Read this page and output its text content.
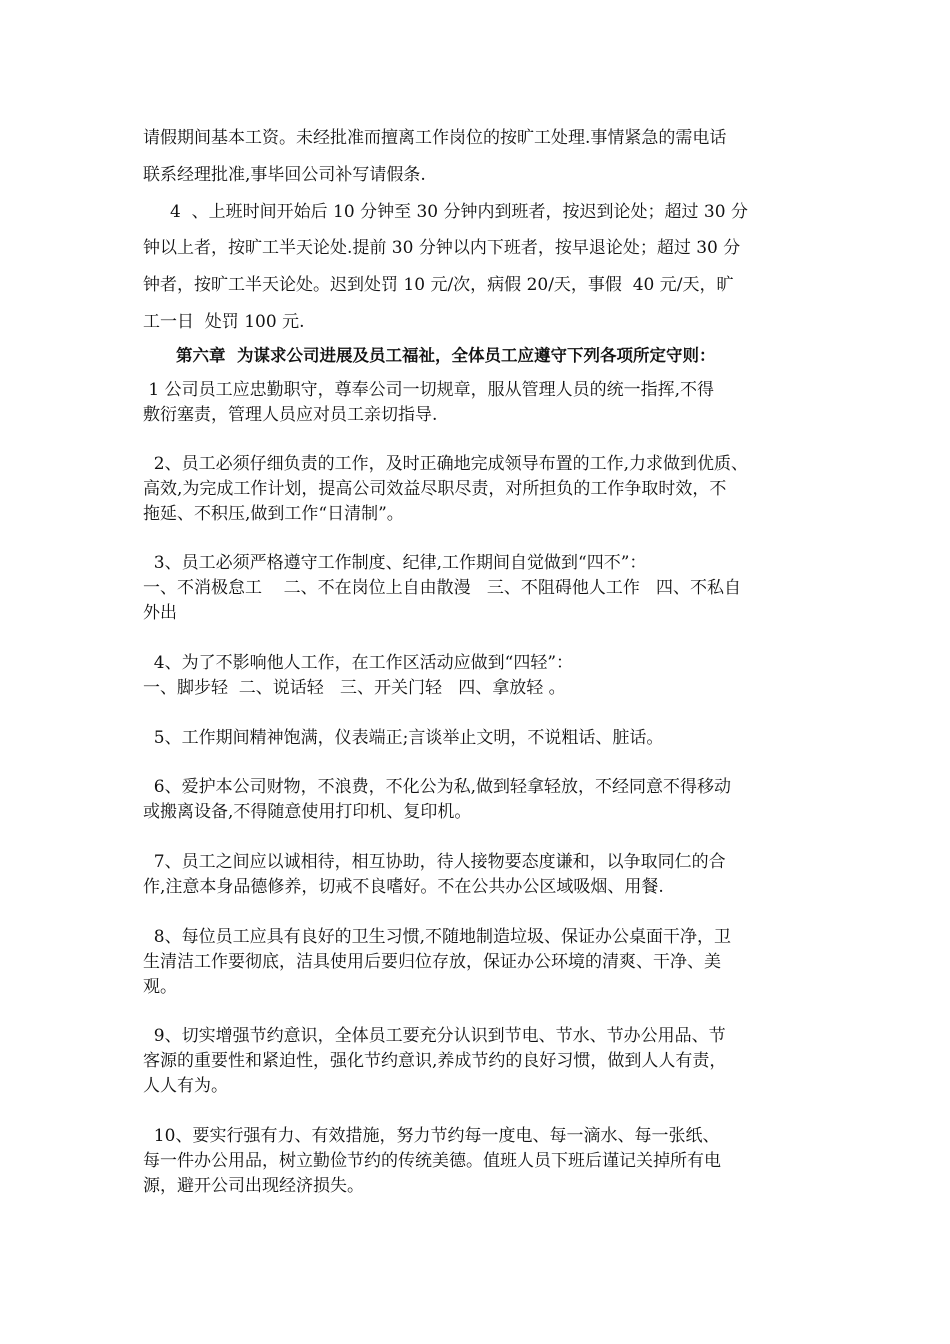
请假期间基本工资。未经批准而擅离工作岗位的按旷工处理.事情紧急的需电话
联系经理批准,事毕回公司补写请假条.
4  、上班时间开始后 10 分钟至 30 分钟内到班者，按迟到论处；超过 30 分
钟以上者，按旷工半天论处.提前 30 分钟以内下班者，按早退论处；超过 30 分
钟者，按旷工半天论处。迟到处罚 10 元/次，病假 20/天，事假  40 元/天，旷
工一日  处罚 100 元.
第六章  为谋求公司进展及员工福祉，全体员工应遵守下列各项所定守则：
1 公司员工应忠勤职守，尊奉公司一切规章，服从管理人员的统一指挥,不得
敷衍塞责，管理人员应对员工亲切指导.
2、员工必须仔细负责的工作，及时正确地完成领导布置的工作,力求做到优质、
高效,为完成工作计划，提高公司效益尽职尽责，对所担负的工作争取时效，不
拖延、不积压,做到工作“日清制”。
3、员工必须严格遵守工作制度、纪律,工作期间自觉做到“四不”：
一、不消极怠工    二、不在岗位上自由散漫   三、不阻碍他人工作   四、不私自
外出
4、为了不影响他人工作，在工作区活动应做到“四轻”：
一、脚步轻  二、说话轻   三、开关门轻   四、拿放轻 。
5、工作期间精神饱满，仪表端正;言谈举止文明，不说粗话、脏话。
6、爱护本公司财物，不浪费，不化公为私,做到轻拿轻放，不经同意不得移动
或搬离设备,不得随意使用打印机、复印机。
7、员工之间应以诚相待，相互协助，待人接物要态度谦和，以争取同仁的合
作,注意本身品德修养，切戒不良嗜好。不在公共办公区域吸烟、用餐.
8、每位员工应具有良好的卫生习惯,不随地制造垃圾、保证办公桌面干净，卫
生清洁工作要彻底，洁具使用后要归位存放，保证办公环境的清爽、干净、美
观。
9、切实增强节约意识，全体员工要充分认识到节电、节水、节办公用品、节
客源的重要性和紧迫性，强化节约意识,养成节约的良好习惯，做到人人有责，
人人有为。
10、要实行强有力、有效措施，努力节约每一度电、每一滴水、每一张纸、
每一件办公用品，树立勤俭节约的传统美德。值班人员下班后谨记关掉所有电
源，避开公司出现经济损失。
